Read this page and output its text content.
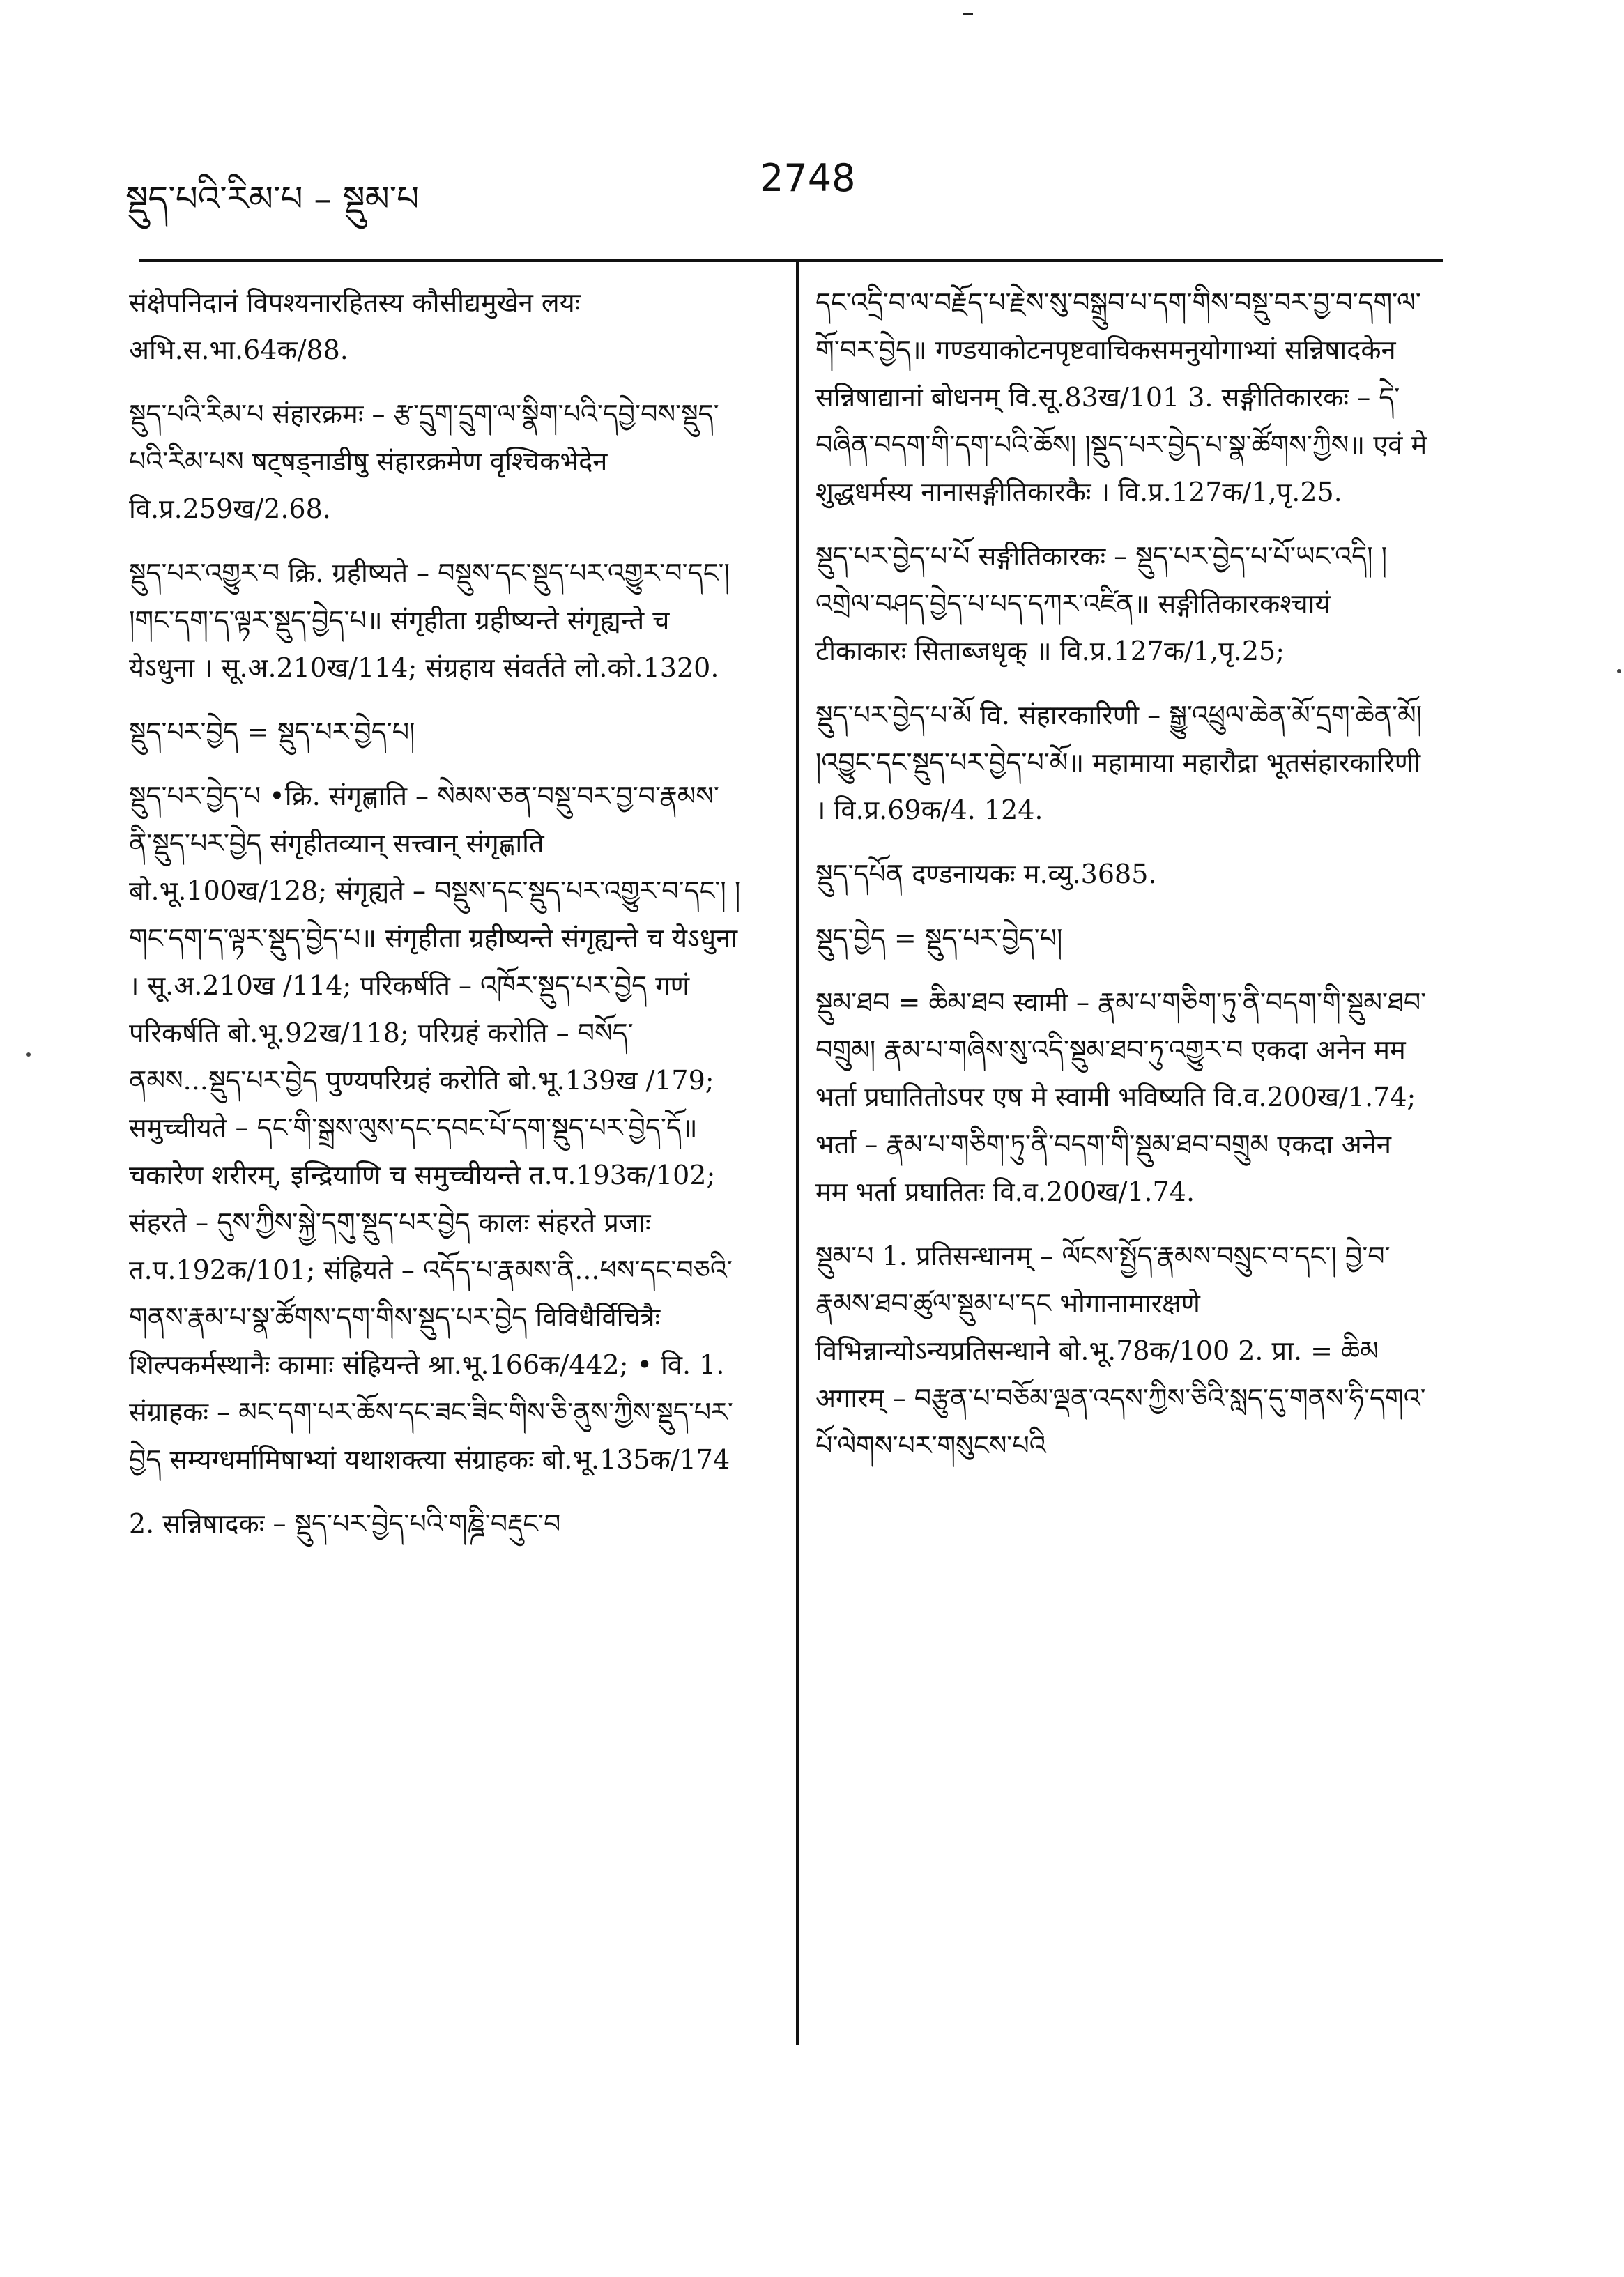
སྡུད་པའི་རིམ་པ – སྡུམ་པ	2748

संक्षेपनिदानं विपश्यनारहितस्य कौसीद्यमुखेन लयः अभि.स.भा.64क/88.

སྡུད་པའི་རིམ་པ संहारक्रमः – རྩ་དྲུག་དྲུག་ལ་སྣིག་པའི་དབྱེ་བས་སྡུད་པའི་རིམ་པས षट्षड्नाडीषु संहारक्रमेण वृश्चिकभेदेन वि.प्र.259ख/2.68.

སྡུད་པར་འགྱུར་བ क्रि. ग्रहीष्यते – བསྡུས་དང་སྡུད་པར་འགྱུར་བ་དང་། །གང་དག་ད་ལྟར་སྡུད་བྱེད་པ॥ संगृहीता ग्रहीष्यन्ते संगृह्यन्ते च येऽधुना । सू.अ.210ख/114; संग्रहाय संवर्तते लो.को.1320.

སྡུད་པར་བྱེད = སྡུད་པར་བྱེད་པ།

སྡུད་པར་བྱེད་པ •क्रि. संगृह्णाति – སེམས་ཅན་བསྡུ་བར་བྱ་བ་རྣམས་ནི་སྡུད་པར་བྱེད संगृहीतव्यान् सत्त्वान् संगृह्णाति बो.भू.100ख/128; संगृह्यते – བསྡུས་དང་སྡུད་པར་འགྱུར་བ་དང་། །གང་དག་ད་ལྟར་སྡུད་བྱེད་པ॥ संगृहीता ग्रहीष्यन्ते संगृह्यन्ते च येऽधुना । सू.अ.210ख /114; परिकर्षति – འཁོར་སྡུད་པར་བྱེད गणं परिकर्षति बो.भू.92ख/118; परिग्रहं करोति – བསོད་ནམས...སྡུད་པར་བྱེད पुण्यपरिग्रहं करोति बो.भू.139ख /179; समुच्चीयते – དང་གི་སྒྲས་ལུས་དང་དབང་པོ་དག་སྡུད་པར་བྱེད་དོ॥ चकारेण शरीरम्, इन्द्रियाणि च समुच्चीयन्ते त.प.193क/102; संहरते – དུས་ཀྱིས་སྐྱེ་དགུ་སྡུད་པར་བྱེད कालः संहरते प्रजाः त.प.192क/101; संह्रियते – འདོད་པ་རྣམས་ནི...ཕས་དང་བཅའི་གནས་རྣམ་པ་སྣ་ཚོགས་དག་གིས་སྡུད་པར་བྱེད विविधैर्विचित्रैः शिल्पकर्मस्थानैः कामाः संह्रियन्ते श्रा.भू.166क/442; • वि. 1. संग्राहकः – མང་དག་པར་ཆོས་དང་ཟང་ཟིང་གིས་ཅི་ནུས་ཀྱིས་སྡུད་པར་བྱེད सम्यग्धर्मामिषाभ्यां यथाशक्त्या संग्राहकः बो.भू.135क/174

2. सन्निषादकः – སྡུད་པར་བྱེད་པའི་གཎྜི་བརྡུང་བ

དང་འདྲི་བ་ལ་བརྗོད་པ་རྗེས་སུ་བསྒྲུབ་པ་དག་གིས་བསྡུ་བར་བྱ་བ་དག་ལ་གོ་བར་བྱེད॥ गण्डयाकोटनपृष्टवाचिकसमनुयोगाभ्यां सन्निषादकेन सन्निषाद्यानां बोधनम् वि.सू.83ख/101 3. सङ्गीतिकारकः – དེ་བཞིན་བདག་གི་དག་པའི་ཆོས། །སྡུད་པར་བྱེད་པ་སྣ་ཚོགས་ཀྱིས॥ एवं मे शुद्धधर्मस्य नानासङ्गीतिकारकैः । वि.प्र.127क/1,पृ.25.

སྡུད་པར་བྱེད་པ་པོ सङ्गीतिकारकः – སྡུད་པར་བྱེད་པ་པོ་ཡང་འདི། །འགྲེལ་བཤད་བྱེད་པ་པད་དཀར་འཛིན॥ सङ्गीतिकारकश्चायं टीकाकारः सिताब्जधृक् ॥ वि.प्र.127क/1,पृ.25;

སྡུད་པར་བྱེད་པ་མོ वि. संहारकारिणी – སྒྱུ་འཕྲུལ་ཆེན་མོ་དྲག་ཆེན་མོ། །འབྱུང་དང་སྡུད་པར་བྱེད་པ་མོ॥ महामाया महारौद्रा भूतसंहारकारिणी । वि.प्र.69क/4. 124.

སྡུད་དཔོན दण्डनायकः म.व्यु.3685.

སྡུད་བྱེད = སྡུད་པར་བྱེད་པ།

སྡུམ་ཐབ = ཆིམ་ཐབ स्वामी – རྣམ་པ་གཅིག་ཏུ་ནི་བདག་གི་སྡུམ་ཐབ་བགྲུམ། རྣམ་པ་གཞིས་སུ་འདི་སྡུམ་ཐབ་ཏུ་འགྱུར་བ एकदा अनेन मम भर्ता प्रघातितोऽपर एष मे स्वामी भविष्यति वि.व.200ख/1.74; भर्ता – རྣམ་པ་གཅིག་ཏུ་ནི་བདག་གི་སྡུམ་ཐབ་བགྲུམ एकदा अनेन मम भर्ता प्रघातितः वि.व.200ख/1.74.

སྡུམ་པ 1. प्रतिसन्धानम् – ལོངས་སྤྱོད་རྣམས་བསྲུང་བ་དང་། བྱེ་བ་རྣམས་ཐབ་ཚུལ་སྡུམ་པ་དང भोगानामारक्षणे विभिन्नान्योऽन्यप्रतिसन्धाने बो.भू.78क/100 2. प्रा. = ཆིམ अगारम् – བརྩུན་པ་བཅོམ་ལྡན་འདས་ཀྱིས་ཅིའི་སླད་དུ་གནས་ཧི་དགའ་པོ་ལེགས་པར་གསུངས་པའི
